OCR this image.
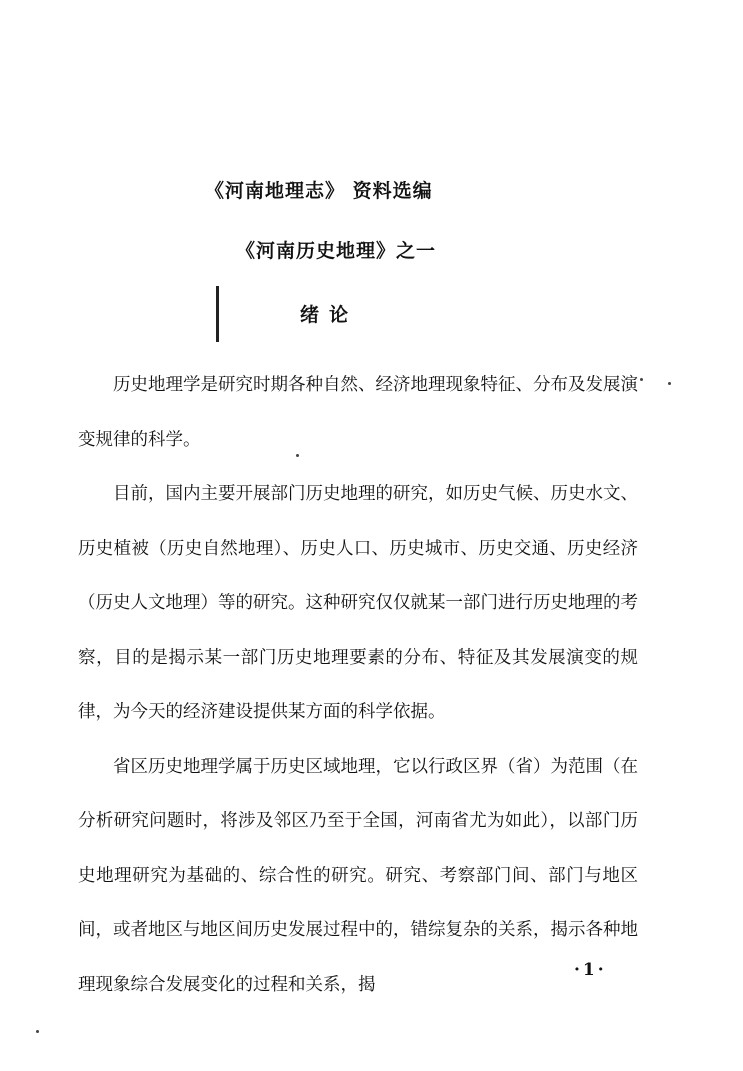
《河南地理志》 资料选编
《河南历史地理》之一
绪论

历史地理学是研究时期各种自然、经济地理现象特征、分布及发展演变规律的科学。

目前，国内主要开展部门历史地理的研究，如历史气候、历史水文、历史植被（历史自然地理）、历史人口、历史城市、历史交通、历史经济（历史人文地理）等的研究。这种研究仅仅就某一部门进行历史地理的考察，目的是揭示某一部门历史地理要素的分布、特征及其发展演变的规律，为今天的经济建设提供某方面的科学依据。

省区历史地理学属于历史区域地理，它以行政区界（省）为范围（在分析研究问题时，将涉及邻区乃至于全国，河南省尤为如此），以部门历史地理研究为基础的、综合性的研究。研究、考察部门间、部门与地区间，或者地区与地区间历史发展过程中的，错综复杂的关系，揭示各种地理现象综合发展变化的过程和关系，揭

·1·
